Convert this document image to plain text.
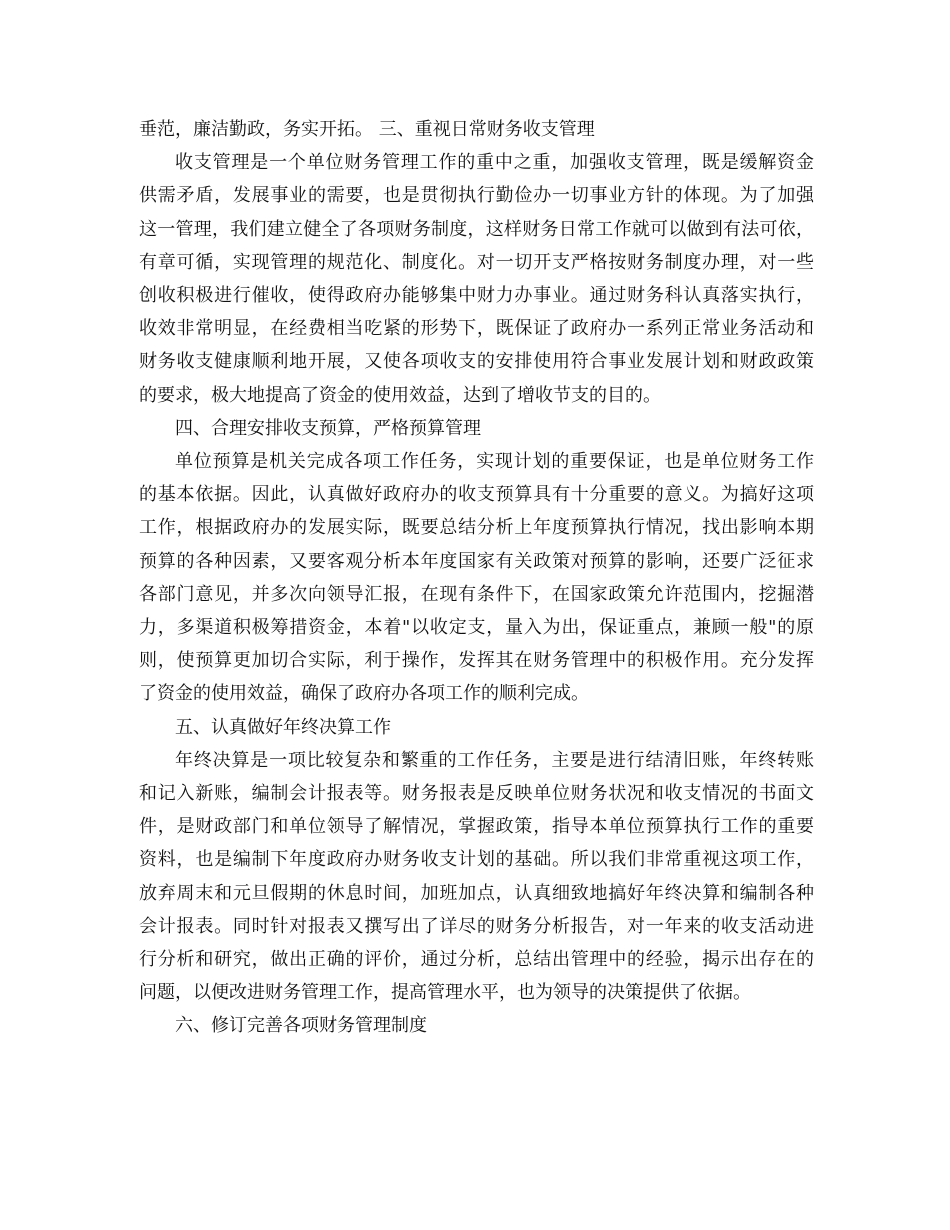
垂范，廉洁勤政，务实开拓。 三、重视日常财务收支管理
收支管理是一个单位财务管理工作的重中之重，加强收支管理，既是缓解资金
供需矛盾，发展事业的需要，也是贯彻执行勤俭办一切事业方针的体现。为了加强
这一管理，我们建立健全了各项财务制度，这样财务日常工作就可以做到有法可依，
有章可循，实现管理的规范化、制度化。对一切开支严格按财务制度办理，对一些
创收积极进行催收，使得政府办能够集中财力办事业。通过财务科认真落实执行，
收效非常明显，在经费相当吃紧的形势下，既保证了政府办一系列正常业务活动和
财务收支健康顺利地开展，又使各项收支的安排使用符合事业发展计划和财政政策
的要求，极大地提高了资金的使用效益，达到了增收节支的目的。
四、合理安排收支预算，严格预算管理
单位预算是机关完成各项工作任务，实现计划的重要保证，也是单位财务工作
的基本依据。因此，认真做好政府办的收支预算具有十分重要的意义。为搞好这项
工作，根据政府办的发展实际，既要总结分析上年度预算执行情况，找出影响本期
预算的各种因素，又要客观分析本年度国家有关政策对预算的影响，还要广泛征求
各部门意见，并多次向领导汇报，在现有条件下，在国家政策允许范围内，挖掘潜
力，多渠道积极筹措资金，本着"以收定支，量入为出，保证重点，兼顾一般"的原
则，使预算更加切合实际，利于操作，发挥其在财务管理中的积极作用。充分发挥
了资金的使用效益，确保了政府办各项工作的顺利完成。
五、认真做好年终决算工作
年终决算是一项比较复杂和繁重的工作任务，主要是进行结清旧账，年终转账
和记入新账，编制会计报表等。财务报表是反映单位财务状况和收支情况的书面文
件，是财政部门和单位领导了解情况，掌握政策，指导本单位预算执行工作的重要
资料，也是编制下年度政府办财务收支计划的基础。所以我们非常重视这项工作，
放弃周末和元旦假期的休息时间，加班加点，认真细致地搞好年终决算和编制各种
会计报表。同时针对报表又撰写出了详尽的财务分析报告，对一年来的收支活动进
行分析和研究，做出正确的评价，通过分析，总结出管理中的经验，揭示出存在的
问题，以便改进财务管理工作，提高管理水平，也为领导的决策提供了依据。
六、修订完善各项财务管理制度
